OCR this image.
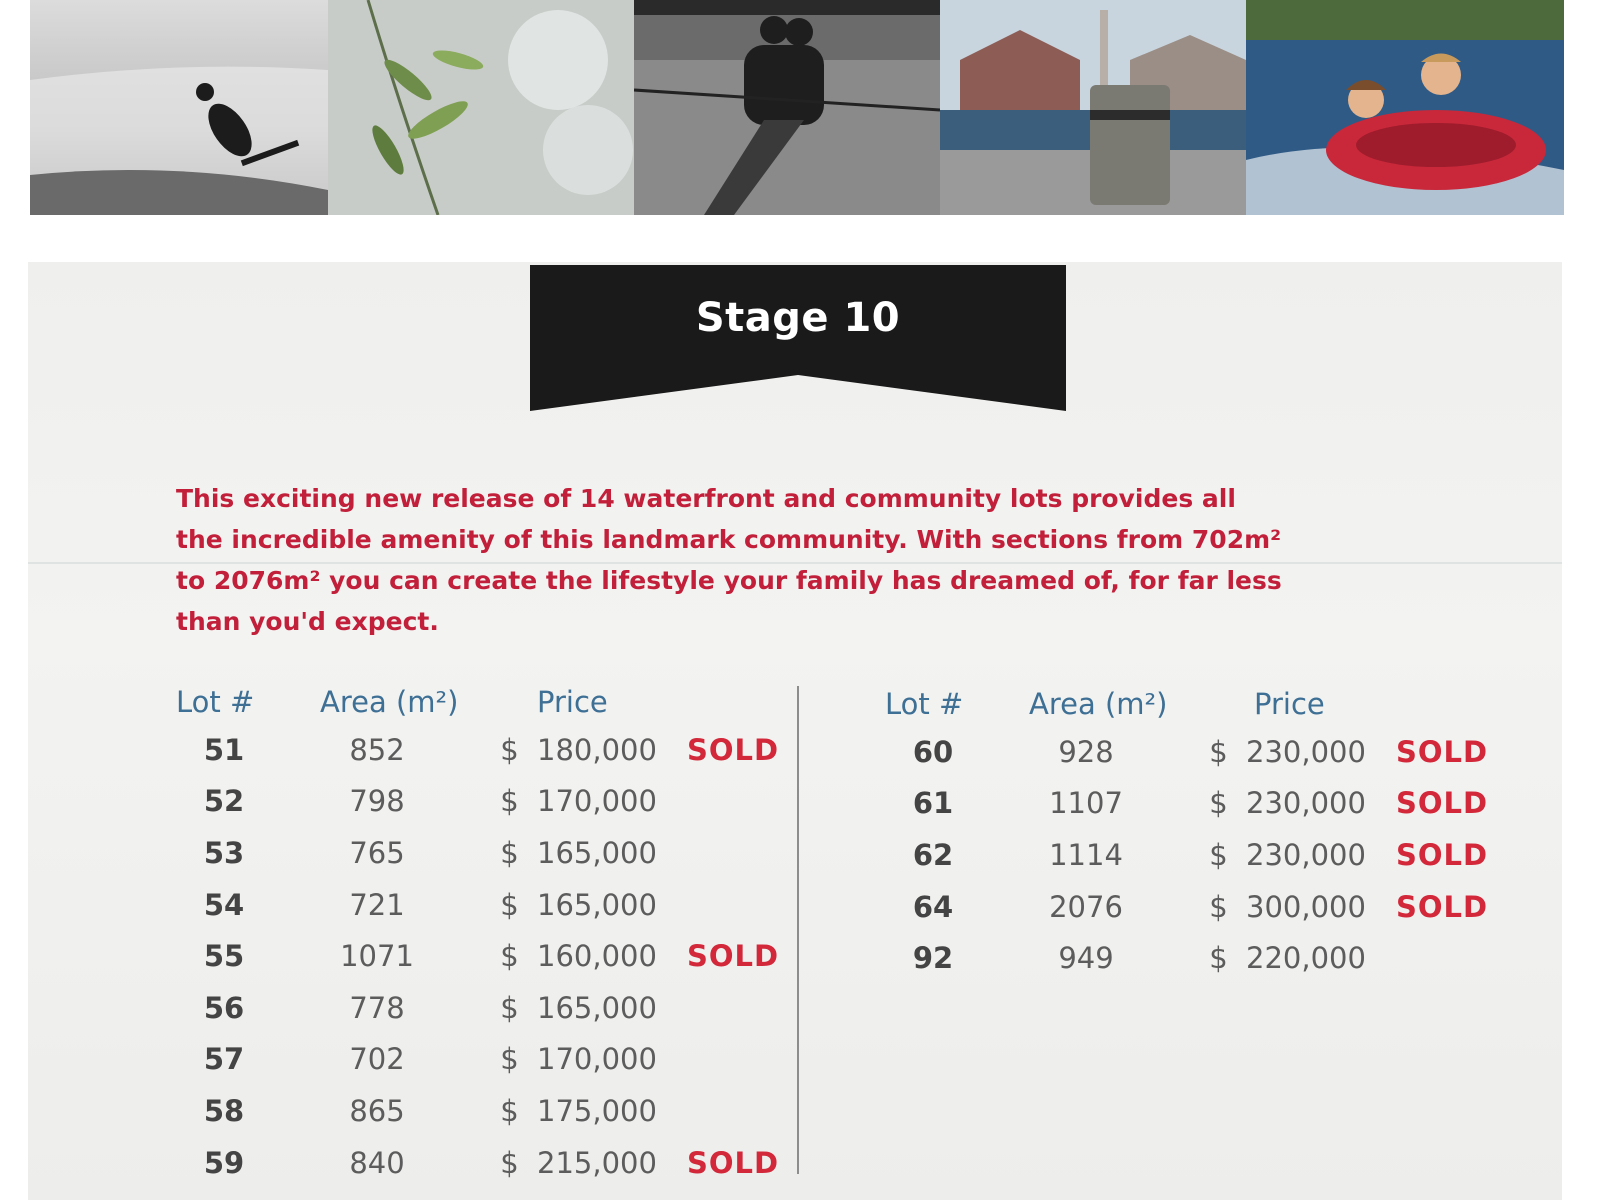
Stage 10
This exciting new release of 14 waterfront and community lots provides all
the incredible amenity of this landmark community. With sections from 702m²
to 2076m² you can create the lifestyle your family has dreamed of, for far less
than you'd expect.
Lot #	Area (m²)		Price	
51	852	$	180,000	SOLD
52	798	$	170,000	
53	765	$	165,000	
54	721	$	165,000	
55	1071	$	160,000	SOLD
56	778	$	165,000	
57	702	$	170,000	
58	865	$	175,000	
59	840	$	215,000	SOLD
Lot #	Area (m²)		Price	
60	928	$	230,000	SOLD
61	1107	$	230,000	SOLD
62	1114	$	230,000	SOLD
64	2076	$	300,000	SOLD
92	949	$	220,000	
